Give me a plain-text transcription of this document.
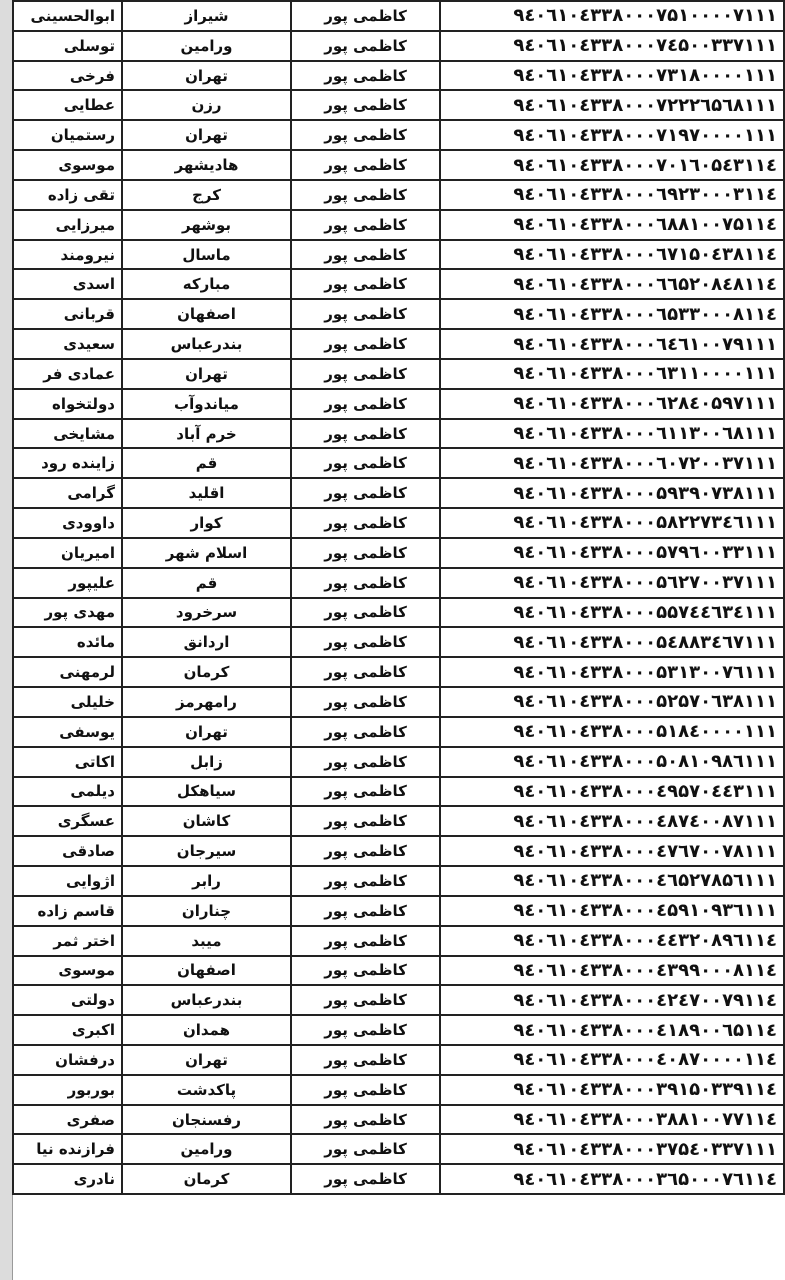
۹٤۰٦۱۰٤۳۳۸۰۰۰۷۵۱۰۰۰۰۷۱۱۱	کاظمی پور	شیراز	ابوالحسینی
۹٤۰٦۱۰٤۳۳۸۰۰۰۷٤۵۰۰۳۳۷۱۱۱	کاظمی پور	ورامین	توسلی
۹٤۰٦۱۰٤۳۳۸۰۰۰۷۳۱۸۰۰۰۰۱۱۱	کاظمی پور	تهران	فرخی
۹٤۰٦۱۰٤۳۳۸۰۰۰۷۲۲۲٦۵٦۸۱۱۱	کاظمی پور	رزن	عطایی
۹٤۰٦۱۰٤۳۳۸۰۰۰۷۱۹۷۰۰۰۰۱۱۱	کاظمی پور	تهران	رستمیان
۹٤۰٦۱۰٤۳۳۸۰۰۰۷۰۱٦۰۵٤۳۱۱٤	کاظمی پور	هادیشهر	موسوی
۹٤۰٦۱۰٤۳۳۸۰۰۰٦۹۲۳۰۰۰۳۱۱٤	کاظمی پور	کرج	تقی زاده
۹٤۰٦۱۰٤۳۳۸۰۰۰٦۸۸۱۰۰۷۵۱۱٤	کاظمی پور	بوشهر	میرزایی
۹٤۰٦۱۰٤۳۳۸۰۰۰٦۷۱۵۰٤۳۸۱۱٤	کاظمی پور	ماسال	نیرومند
۹٤۰٦۱۰٤۳۳۸۰۰۰٦٦۵۲۰۸٤۸۱۱٤	کاظمی پور	مبارکه	اسدی
۹٤۰٦۱۰٤۳۳۸۰۰۰٦۵۳۳۰۰۰۸۱۱٤	کاظمی پور	اصفهان	قربانی
۹٤۰٦۱۰٤۳۳۸۰۰۰٦٤٦۱۰۰۷۹۱۱۱	کاظمی پور	بندرعباس	سعیدی
۹٤۰٦۱۰٤۳۳۸۰۰۰٦۳۱۱۰۰۰۰۱۱۱	کاظمی پور	تهران	عمادی فر
۹٤۰٦۱۰٤۳۳۸۰۰۰٦۲۸٤۰۵۹۷۱۱۱	کاظمی پور	میاندوآب	دولتخواه
۹٤۰٦۱۰٤۳۳۸۰۰۰٦۱۱۳۰۰٦۸۱۱۱	کاظمی پور	خرم آباد	مشایخی
۹٤۰٦۱۰٤۳۳۸۰۰۰٦۰۷۲۰۰۳۷۱۱۱	کاظمی پور	قم	زاینده رود
۹٤۰٦۱۰٤۳۳۸۰۰۰۵۹۳۹۰۷۳۸۱۱۱	کاظمی پور	اقلید	گرامی
۹٤۰٦۱۰٤۳۳۸۰۰۰۵۸۲۲۷۳٤٦۱۱۱	کاظمی پور	کوار	داوودی
۹٤۰٦۱۰٤۳۳۸۰۰۰۵۷۹٦۰۰۳۳۱۱۱	کاظمی پور	اسلام شهر	امیریان
۹٤۰٦۱۰٤۳۳۸۰۰۰۵٦۲۷۰۰۳۷۱۱۱	کاظمی پور	قم	علیپور
۹٤۰٦۱۰٤۳۳۸۰۰۰۵۵۷٤٤٦۳٤۱۱۱	کاظمی پور	سرخرود	مهدی پور
۹٤۰٦۱۰٤۳۳۸۰۰۰۵٤۸۸۳٤٦۷۱۱۱	کاظمی پور	اردانق	مائده
۹٤۰٦۱۰٤۳۳۸۰۰۰۵۳۱۳۰۰۷٦۱۱۱	کاظمی پور	کرمان	لرمهنی
۹٤۰٦۱۰٤۳۳۸۰۰۰۵۲۵۷۰٦۳۸۱۱۱	کاظمی پور	رامهرمز	خلیلی
۹٤۰٦۱۰٤۳۳۸۰۰۰۵۱۸٤۰۰۰۰۱۱۱	کاظمی پور	تهران	یوسفی
۹٤۰٦۱۰٤۳۳۸۰۰۰۵۰۸۱۰۹۸٦۱۱۱	کاظمی پور	زابل	اکاتی
۹٤۰٦۱۰٤۳۳۸۰۰۰٤۹۵۷۰٤٤۳۱۱۱	کاظمی پور	سیاهکل	دیلمی
۹٤۰٦۱۰٤۳۳۸۰۰۰٤۸۷٤۰۰۸۷۱۱۱	کاظمی پور	کاشان	عسگری
۹٤۰٦۱۰٤۳۳۸۰۰۰٤۷٦۷۰۰۷۸۱۱۱	کاظمی پور	سیرجان	صادقی
۹٤۰٦۱۰٤۳۳۸۰۰۰٤٦۵۲۷۸۵٦۱۱۱	کاظمی پور	رابر	اژوایی
۹٤۰٦۱۰٤۳۳۸۰۰۰٤۵۹۱۰۹۳٦۱۱۱	کاظمی پور	چناران	قاسم زاده
۹٤۰٦۱۰٤۳۳۸۰۰۰٤٤۳۲۰۸۹٦۱۱٤	کاظمی پور	میبد	اختر ثمر
۹٤۰٦۱۰٤۳۳۸۰۰۰٤۳۹۹۰۰۰۸۱۱٤	کاظمی پور	اصفهان	موسوی
۹٤۰٦۱۰٤۳۳۸۰۰۰٤۲٤۷۰۰۷۹۱۱٤	کاظمی پور	بندرعباس	دولتی
۹٤۰٦۱۰٤۳۳۸۰۰۰٤۱۸۹۰۰٦۵۱۱٤	کاظمی پور	همدان	اکبری
۹٤۰٦۱۰٤۳۳۸۰۰۰٤۰۸۷۰۰۰۰۱۱٤	کاظمی پور	تهران	درفشان
۹٤۰٦۱۰٤۳۳۸۰۰۰۳۹۱۵۰۳۳۹۱۱٤	کاظمی پور	پاکدشت	بوربور
۹٤۰٦۱۰٤۳۳۸۰۰۰۳۸۸۱۰۰۷۷۱۱٤	کاظمی پور	رفسنجان	صفری
۹٤۰٦۱۰٤۳۳۸۰۰۰۳۷۵٤۰۳۳۷۱۱۱	کاظمی پور	ورامین	فرازنده نیا
۹٤۰٦۱۰٤۳۳۸۰۰۰۳٦۵۰۰۰۷٦۱۱٤	کاظمی پور	کرمان	نادری
